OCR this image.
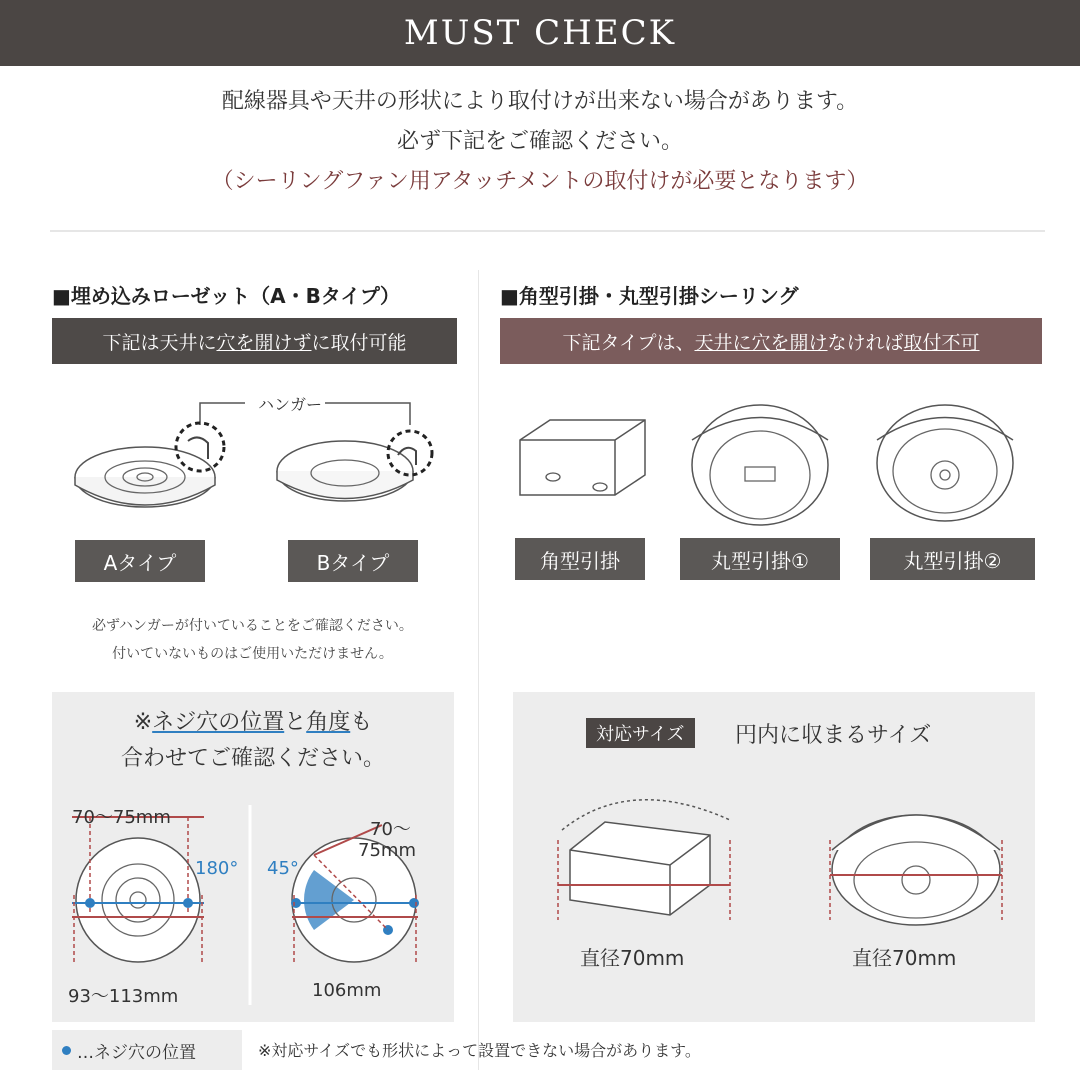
MUST CHECK
配線器具や天井の形状により取付けが出来ない場合があります。
必ず下記をご確認ください。
（シーリングファン用アタッチメントの取付けが必要となります）
■埋め込みローゼット（A・Bタイプ）
下記は天井に 穴を開けず に取付可能
ハンガー
Aタイプ	Bタイプ
必ずハンガーが付いていることをご確認ください。
付いていないものはご使用いただけません。
※ネジ穴の位置と角度も
合わせてご確認ください。
70〜75mm
180°
93〜113mm
45°
70〜
75mm
106mm
…ネジ穴の位置
■角型引掛・丸型引掛シーリング
下記タイプは、 天井に 穴を開け なければ 取付不可
角型引掛	丸型引掛①	丸型引掛②
対応サイズ	円内に収まるサイズ
直径70mm	直径70mm
※対応サイズでも形状によって設置できない場合があります。
